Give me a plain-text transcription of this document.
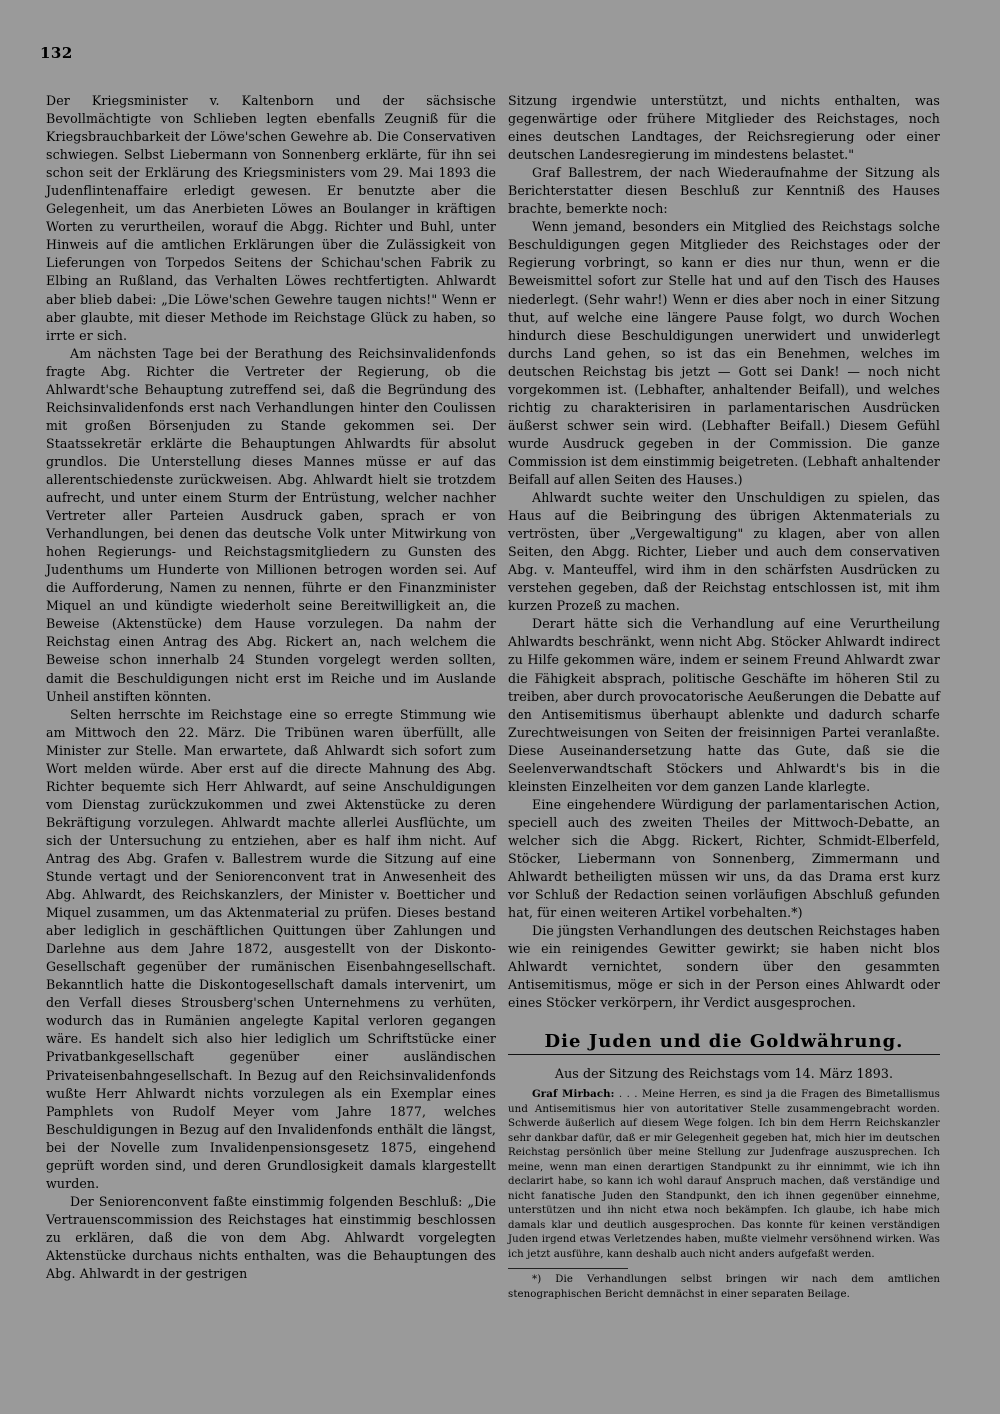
132

Der Kriegsminister v. Kaltenborn und der sächsische Bevollmächtigte von Schlieben legten ebenfalls Zeugniß für die Kriegsbrauchbarkeit der Löwe'schen Gewehre ab. Die Conservativen schwiegen. Selbst Liebermann von Sonnenberg erklärte, für ihn sei schon seit der Erklärung des Kriegsministers vom 29. Mai 1893 die Judenflintenaffaire erledigt gewesen. Er benutzte aber die Gelegenheit, um das Anerbieten Löwes an Boulanger in kräftigen Worten zu verurtheilen, worauf die Abgg. Richter und Buhl, unter Hinweis auf die amtlichen Erklärungen über die Zulässigkeit von Lieferungen von Torpedos Seitens der Schichau'schen Fabrik zu Elbing an Rußland, das Verhalten Löwes rechtfertigten. Ahlwardt aber blieb dabei: „Die Löwe'schen Gewehre taugen nichts!" Wenn er aber glaubte, mit dieser Methode im Reichstage Glück zu haben, so irrte er sich.

Am nächsten Tage bei der Berathung des Reichsinvalidenfonds fragte Abg. Richter die Vertreter der Regierung, ob die Ahlwardt'sche Behauptung zutreffend sei, daß die Begründung des Reichsinvalidenfonds erst nach Verhandlungen hinter den Coulissen mit großen Börsenjuden zu Stande gekommen sei. Der Staatssekretär erklärte die Behauptungen Ahlwardts für absolut grundlos. Die Unterstellung dieses Mannes müsse er auf das allerentschiedenste zurückweisen. Abg. Ahlwardt hielt sie trotzdem aufrecht, und unter einem Sturm der Entrüstung, welcher nachher Vertreter aller Parteien Ausdruck gaben, sprach er von Verhandlungen, bei denen das deutsche Volk unter Mitwirkung von hohen Regierungs- und Reichstagsmitgliedern zu Gunsten des Judenthums um Hunderte von Millionen betrogen worden sei. Auf die Aufforderung, Namen zu nennen, führte er den Finanzminister Miquel an und kündigte wiederholt seine Bereitwilligkeit an, die Beweise (Aktenstücke) dem Hause vorzulegen. Da nahm der Reichstag einen Antrag des Abg. Rickert an, nach welchem die Beweise schon innerhalb 24 Stunden vorgelegt werden sollten, damit die Beschuldigungen nicht erst im Reiche und im Auslande Unheil anstiften könnten.

Selten herrschte im Reichstage eine so erregte Stimmung wie am Mittwoch den 22. März. Die Tribünen waren überfüllt, alle Minister zur Stelle. Man erwartete, daß Ahlwardt sich sofort zum Wort melden würde. Aber erst auf die directe Mahnung des Abg. Richter bequemte sich Herr Ahlwardt, auf seine Anschuldigungen vom Dienstag zurückzukommen und zwei Aktenstücke zu deren Bekräftigung vorzulegen. Ahlwardt machte allerlei Ausflüchte, um sich der Untersuchung zu entziehen, aber es half ihm nicht. Auf Antrag des Abg. Grafen v. Ballestrem wurde die Sitzung auf eine Stunde vertagt und der Seniorenconvent trat in Anwesenheit des Abg. Ahlwardt, des Reichskanzlers, der Minister v. Boetticher und Miquel zusammen, um das Aktenmaterial zu prüfen. Dieses bestand aber lediglich in geschäftlichen Quittungen über Zahlungen und Darlehne aus dem Jahre 1872, ausgestellt von der Diskonto-Gesellschaft gegenüber der rumänischen Eisenbahngesellschaft. Bekanntlich hatte die Diskontogesellschaft damals intervenirt, um den Verfall dieses Strousberg'schen Unternehmens zu verhüten, wodurch das in Rumänien angelegte Kapital verloren gegangen wäre. Es handelt sich also hier lediglich um Schriftstücke einer Privatbankgesellschaft gegenüber einer ausländischen Privateisenbahngesellschaft. In Bezug auf den Reichsinvalidenfonds wußte Herr Ahlwardt nichts vorzulegen als ein Exemplar eines Pamphlets von Rudolf Meyer vom Jahre 1877, welches Beschuldigungen in Bezug auf den Invalidenfonds enthält die längst, bei der Novelle zum Invalidenpensionsgesetz 1875, eingehend geprüft worden sind, und deren Grundlosigkeit damals klargestellt wurden.

Der Seniorenconvent faßte einstimmig folgenden Beschluß: „Die Vertrauenscommission des Reichstages hat einstimmig beschlossen zu erklären, daß die von dem Abg. Ahlwardt vorgelegten Aktenstücke durchaus nichts enthalten, was die Behauptungen des Abg. Ahlwardt in der gestrigen

Sitzung irgendwie unterstützt, und nichts enthalten, was gegenwärtige oder frühere Mitglieder des Reichstages, noch eines deutschen Landtages, der Reichsregierung oder einer deutschen Landesregierung im mindestens belastet."

Graf Ballestrem, der nach Wiederaufnahme der Sitzung als Berichterstatter diesen Beschluß zur Kenntniß des Hauses brachte, bemerkte noch:

Wenn jemand, besonders ein Mitglied des Reichstags solche Beschuldigungen gegen Mitglieder des Reichstages oder der Regierung vorbringt, so kann er dies nur thun, wenn er die Beweismittel sofort zur Stelle hat und auf den Tisch des Hauses niederlegt. (Sehr wahr!) Wenn er dies aber noch in einer Sitzung thut, auf welche eine längere Pause folgt, wo durch Wochen hindurch diese Beschuldigungen unerwidert und unwiderlegt durchs Land gehen, so ist das ein Benehmen, welches im deutschen Reichstag bis jetzt — Gott sei Dank! — noch nicht vorgekommen ist. (Lebhafter, anhaltender Beifall), und welches richtig zu charakterisiren in parlamentarischen Ausdrücken äußerst schwer sein wird. (Lebhafter Beifall.) Diesem Gefühl wurde Ausdruck gegeben in der Commission. Die ganze Commission ist dem einstimmig beigetreten. (Lebhaft anhaltender Beifall auf allen Seiten des Hauses.)

Ahlwardt suchte weiter den Unschuldigen zu spielen, das Haus auf die Beibringung des übrigen Aktenmaterials zu vertrösten, über „Vergewaltigung" zu klagen, aber von allen Seiten, den Abgg. Richter, Lieber und auch dem conservativen Abg. v. Manteuffel, wird ihm in den schärfsten Ausdrücken zu verstehen gegeben, daß der Reichstag entschlossen ist, mit ihm kurzen Prozeß zu machen.

Derart hätte sich die Verhandlung auf eine Verurtheilung Ahlwardts beschränkt, wenn nicht Abg. Stöcker Ahlwardt indirect zu Hilfe gekommen wäre, indem er seinem Freund Ahlwardt zwar die Fähigkeit absprach, politische Geschäfte im höheren Stil zu treiben, aber durch provocatorische Aeußerungen die Debatte auf den Antisemitismus überhaupt ablenkte und dadurch scharfe Zurechtweisungen von Seiten der freisinnigen Partei veranlaßte. Diese Auseinandersetzung hatte das Gute, daß sie die Seelenverwandtschaft Stöckers und Ahlwardt's bis in die kleinsten Einzelheiten vor dem ganzen Lande klarlegte.

Eine eingehendere Würdigung der parlamentarischen Action, speciell auch des zweiten Theiles der Mittwoch-Debatte, an welcher sich die Abgg. Rickert, Richter, Schmidt-Elberfeld, Stöcker, Liebermann von Sonnenberg, Zimmermann und Ahlwardt betheiligten müssen wir uns, da das Drama erst kurz vor Schluß der Redaction seinen vorläufigen Abschluß gefunden hat, für einen weiteren Artikel vorbehalten.*)

Die jüngsten Verhandlungen des deutschen Reichstages haben wie ein reinigendes Gewitter gewirkt; sie haben nicht blos Ahlwardt vernichtet, sondern über den gesammten Antisemitismus, möge er sich in der Person eines Ahlwardt oder eines Stöcker verkörpern, ihr Verdict ausgesprochen.

Die Juden und die Goldwährung.
Aus der Sitzung des Reichstags vom 14. März 1893.

Graf Mirbach: . . . Meine Herren, es sind ja die Fragen des Bimetallismus und Antisemitismus hier von autoritativer Stelle zusammengebracht worden. Schwerde äußerlich auf diesem Wege folgen. Ich bin dem Herrn Reichskanzler sehr dankbar dafür, daß er mir Gelegenheit gegeben hat, mich hier im deutschen Reichstag persönlich über meine Stellung zur Judenfrage auszusprechen. Ich meine, wenn man einen derartigen Standpunkt zu ihr einnimmt, wie ich ihn declarirt habe, so kann ich wohl darauf Anspruch machen, daß verständige und nicht fanatische Juden den Standpunkt, den ich ihnen gegenüber einnehme, unterstützen und ihn nicht etwa noch bekämpfen. Ich glaube, ich habe mich damals klar und deutlich ausgesprochen. Das konnte für keinen verständigen Juden irgend etwas Verletzendes haben, mußte vielmehr versöhnend wirken. Was ich jetzt ausführe, kann deshalb auch nicht anders aufgefaßt werden.

*) Die Verhandlungen selbst bringen wir nach dem amtlichen stenographischen Bericht demnächst in einer separaten Beilage.
